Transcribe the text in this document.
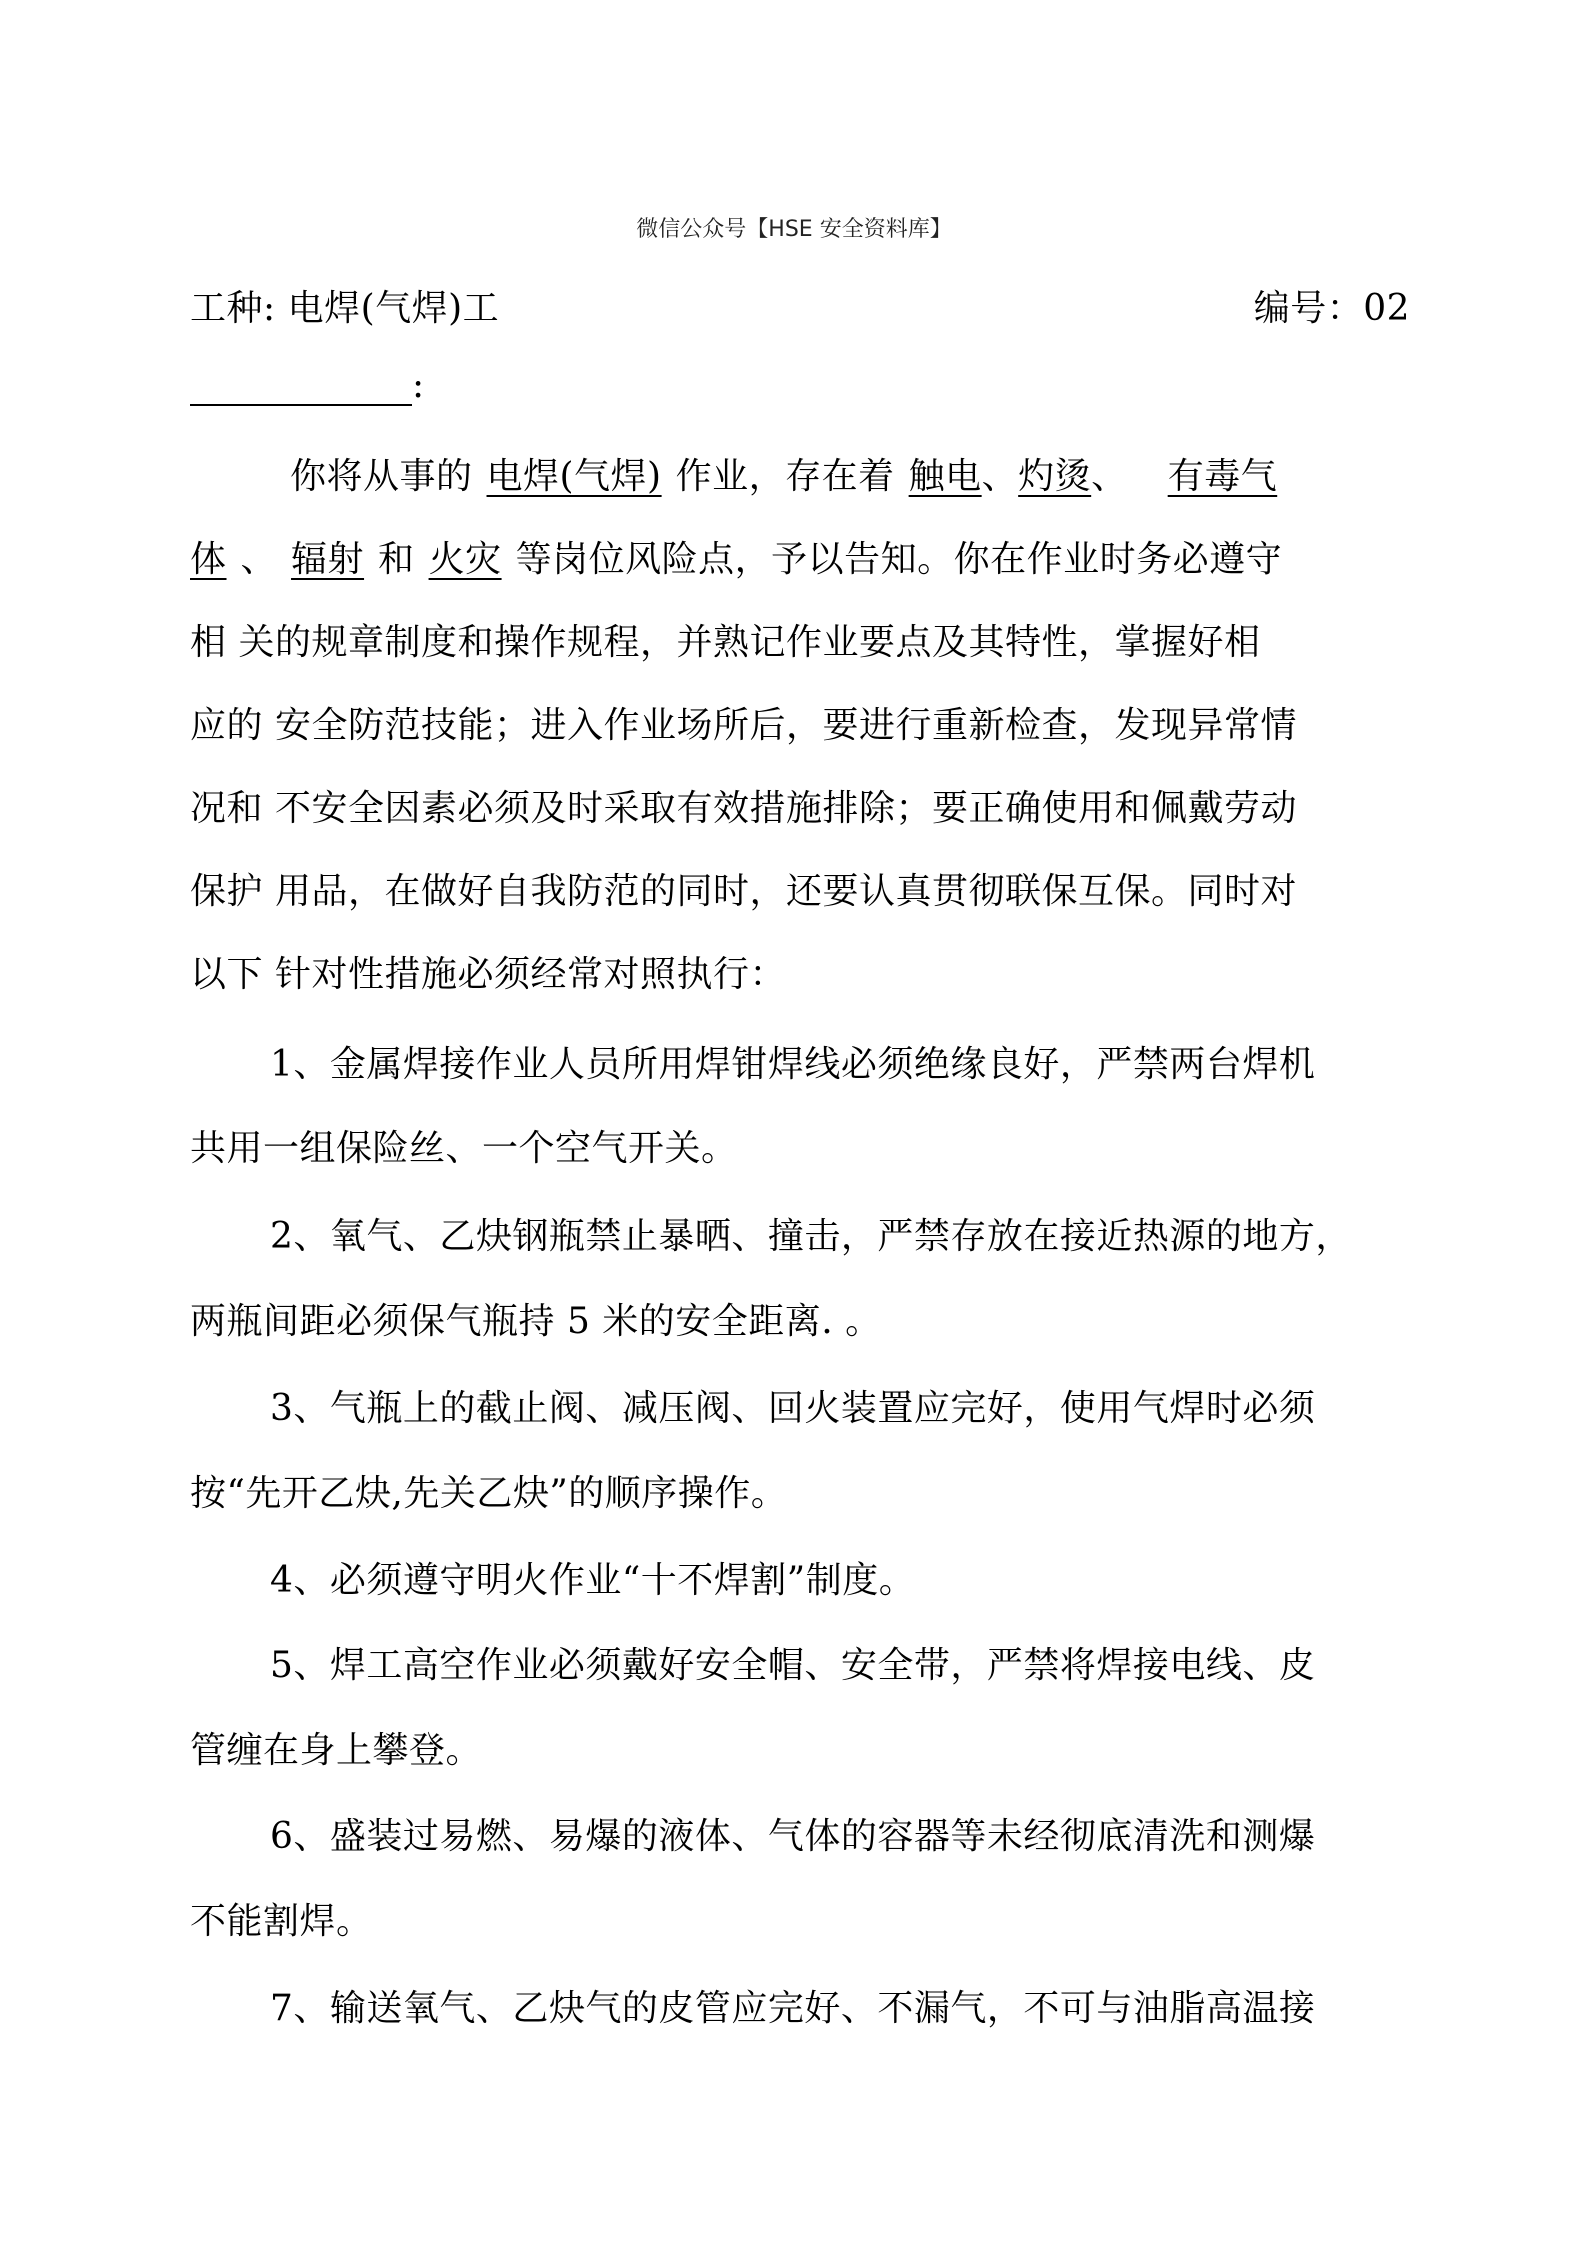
微信公众号【HSE 安全资料库】
工种: 电焊(气焊)工	编号：02
:
你将从事的 电焊(气焊) 作业，存在着 触电、灼烫、 有毒气
体 、 辐射 和 火灾 等岗位风险点，予以告知。你在作业时务必遵守
相 关的规章制度和操作规程，并熟记作业要点及其特性，掌握好相
应的 安全防范技能；进入作业场所后，要进行重新检查，发现异常情
况和 不安全因素必须及时采取有效措施排除；要正确使用和佩戴劳动
保护 用品，在做好自我防范的同时，还要认真贯彻联保互保。同时对
以下 针对性措施必须经常对照执行：
1、金属焊接作业人员所用焊钳焊线必须绝缘良好，严禁两台焊机
共用一组保险丝、一个空气开关。
2、氧气、乙炔钢瓶禁止暴晒、撞击，严禁存放在接近热源的地方，
两瓶间距必须保气瓶持 5 米的安全距离. 。
3、气瓶上的截止阀、减压阀、回火装置应完好，使用气焊时必须
按“先开乙炔,先关乙炔”的顺序操作。
4、必须遵守明火作业“十不焊割”制度。
5、焊工高空作业必须戴好安全帽、安全带，严禁将焊接电线、皮
管缠在身上攀登。
6、盛装过易燃、易爆的液体、气体的容器等未经彻底清洗和测爆
不能割焊。
7、输送氧气、乙炔气的皮管应完好、不漏气，不可与油脂高温接
